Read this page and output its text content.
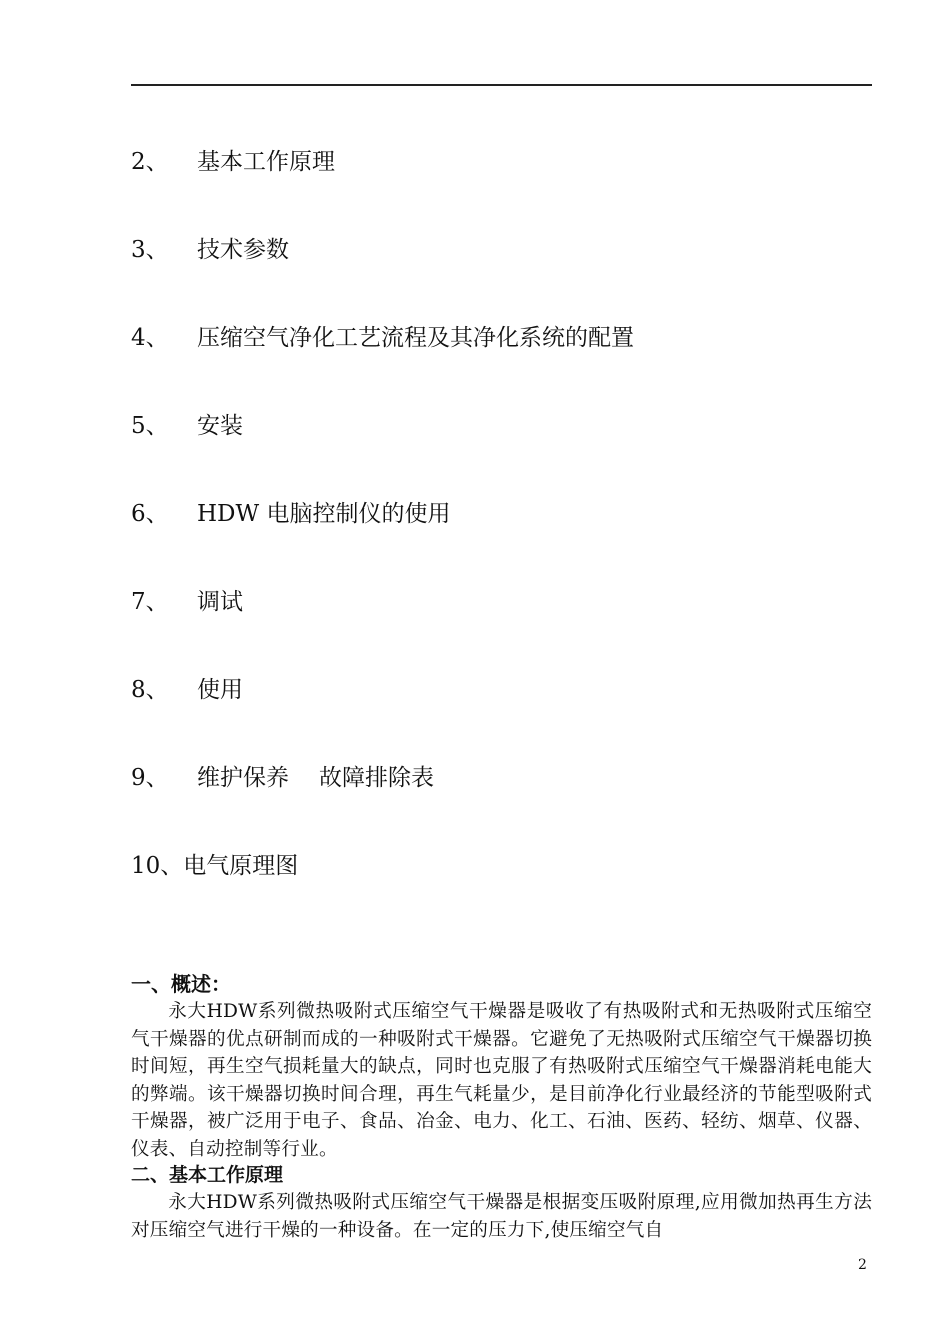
2、 基本工作原理
3、 技术参数
4、 压缩空气净化工艺流程及其净化系统的配置
5、 安装
6、 HDW 电脑控制仪的使用
7、 调试
8、 使用
9、 维护保养 故障排除表
10、电气原理图
一、概述：
永大HDW系列微热吸附式压缩空气干燥器是吸收了有热吸附式和无热吸附式压缩空气干燥器的优点研制而成的一种吸附式干燥器。它避免了无热吸附式压缩空气干燥器切换时间短，再生空气损耗量大的缺点，同时也克服了有热吸附式压缩空气干燥器消耗电能大的弊端。该干燥器切换时间合理，再生气耗量少，是目前净化行业最经济的节能型吸附式干燥器，被广泛用于电子、食品、冶金、电力、化工、石油、医药、轻纺、烟草、仪器、仪表、自动控制等行业。
二、基本工作原理
永大HDW系列微热吸附式压缩空气干燥器是根据变压吸附原理,应用微加热再生方法对压缩空气进行干燥的一种设备。在一定的压力下,使压缩空气自
2
